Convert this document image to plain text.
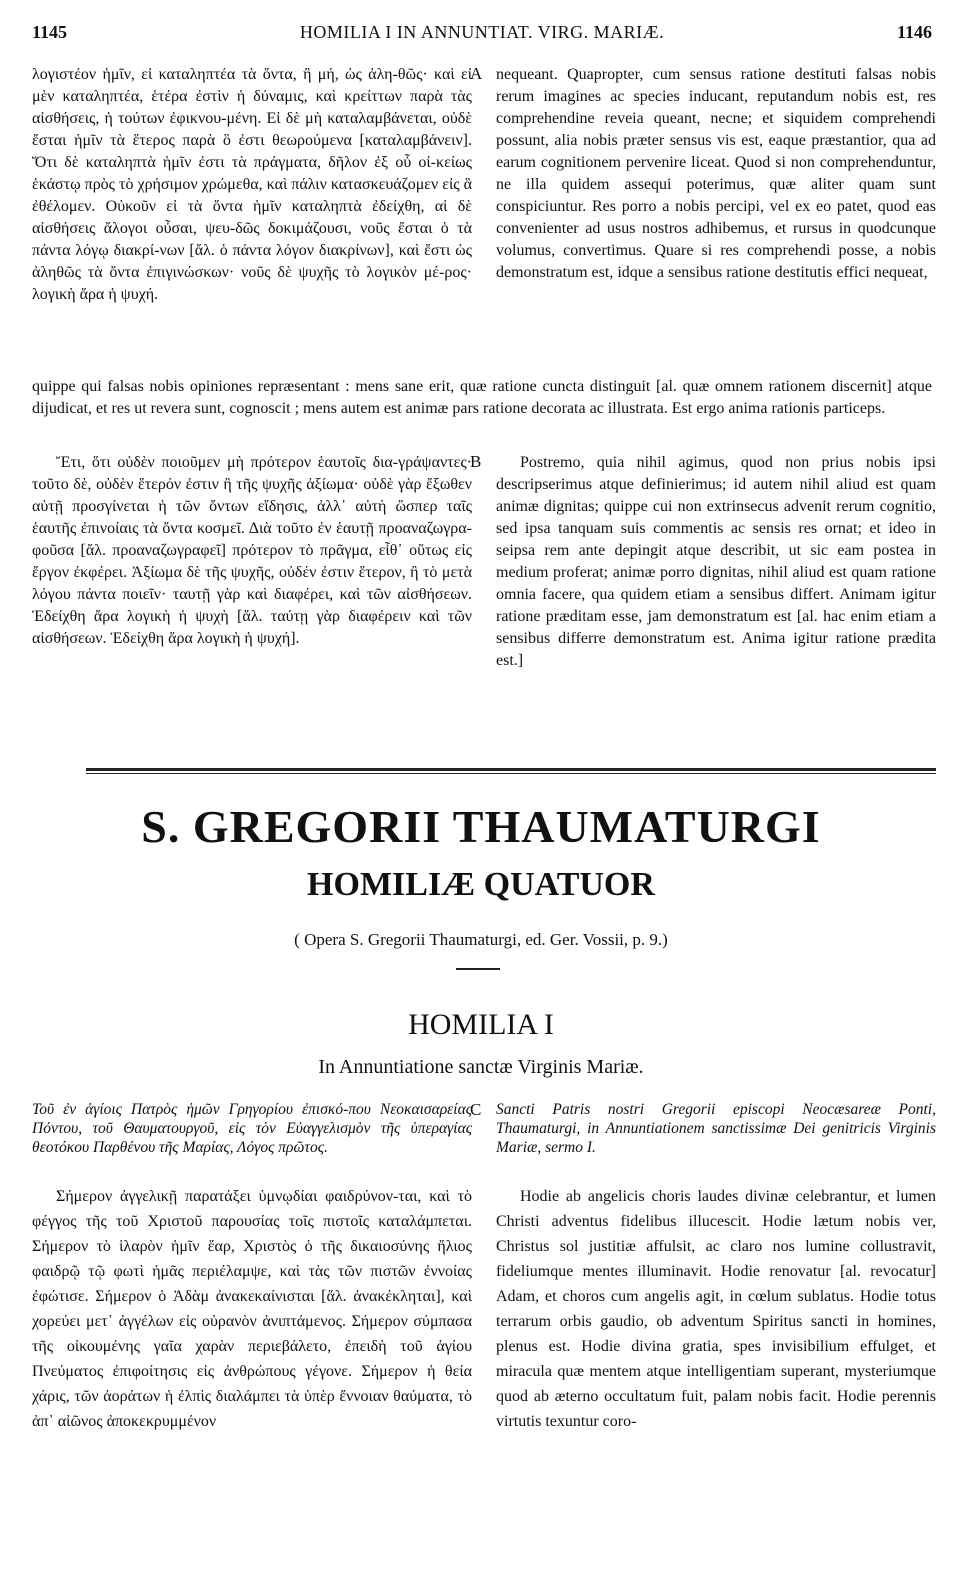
1145	HOMILIA I IN ANNUNTIAT. VIRG. MARIÆ.	1146

λογιστέον ἡμῖν, εἰ καταληπτέα τὰ ὄντα, ἢ μή, ὡς ἀλη-θῶς· καὶ εἰ μὲν καταληπτέα, ἑτέρα ἐστὶν ἡ δύναμις, καὶ κρείττων παρὰ τὰς αἰσθήσεις, ἡ τούτων ἐφικνου-μένη. Εἰ δὲ μὴ καταλαμβάνεται, οὐδὲ ἔσται ἡμῖν τὰ ἕτερος παρὰ ὃ ἐστι θεωρούμενα [καταλαμβάνειν]. Ὅτι δὲ καταληπτὰ ἡμῖν ἐστι τὰ πράγματα, δῆλον ἐξ οὗ οἰ-κείως ἑκάστῳ πρὸς τὸ χρήσιμον χρώμεθα, καὶ πάλιν κατασκευάζομεν εἰς ἃ ἐθέλομεν. Οὐκοῦν εἰ τὰ ὄντα ἡμῖν καταληπτὰ ἐδείχθη, αἱ δὲ αἰσθήσεις ἄλογοι οὖσαι, ψευ-δῶς δοκιμάζουσι, νοῦς ἔσται ὁ τὰ πάντα λόγῳ διακρί-νων [ἄλ. ὁ πάντα λόγον διακρίνων], καὶ ἔστι ὡς ἀληθῶς τὰ ὄντα ἐπιγινώσκων· νοῦς δὲ ψυχῆς τὸ λογικὸν μέ-ρος· λογικὴ ἄρα ἡ ψυχή.

A nequeant. Quapropter, cum sensus ratione destituti falsas nobis rerum imagines ac species inducant, reputandum nobis est, res comprehendine reveia queant, necne; et siquidem comprehendi possunt, alia nobis præter sensus vis est, eaque præstantior, qua ad earum cognitionem pervenire liceat. Quod si non comprehenduntur, ne illa quidem assequi poterimus, quæ aliter quam sunt conspiciuntur. Res porro a nobis percipi, vel ex eo patet, quod eas convenienter ad usus nostros adhibemus, et rursus in quodcunque volumus, convertimus. Quare si res comprehendi posse, a nobis demonstratum est, idque a sensibus ratione destitutis effici nequeat,

quippe qui falsas nobis opiniones repræsentant : mens sane erit, quæ ratione cuncta distinguit [al. quæ omnem rationem discernit] atque dijudicat, et res ut revera sunt, cognoscit ; mens autem est animæ pars ratione decorata ac illustrata. Est ergo anima rationis particeps.

Ἔτι, ὅτι οὐδὲν ποιοῦμεν μὴ πρότερον ἑαυτοῖς δια-γράψαντες· τοῦτο δὲ, οὐδὲν ἕτερόν ἐστιν ἢ τῆς ψυχῆς ἀξίωμα· οὐδὲ γὰρ ἔξωθεν αὐτῇ προσγίνεται ἡ τῶν ὄντων εἴδησις, ἀλλ᾽ αὐτὴ ὥσπερ ταῖς ἑαυτῆς ἐπινοίαις τὰ ὄντα κοσμεῖ. Διὰ τοῦτο ἐν ἑαυτῇ προαναζωγρα-φοῦσα [ἄλ. προαναζωγραφεῖ] πρότερον τὸ πρᾶγμα, εἶθ᾽ οὕτως εἰς ἔργον ἐκφέρει. Ἀξίωμα δὲ τῆς ψυχῆς, οὐδέν ἐστιν ἕτερον, ἢ τὸ μετὰ λόγου πάντα ποιεῖν· ταυτῇ γὰρ καὶ διαφέρει, καὶ τῶν αἰσθήσεων. Ἐδείχθη ἄρα λογικὴ ἡ ψυχὴ [ἄλ. ταύτῃ γὰρ διαφέρειν καὶ τῶν αἰσθήσεων. Ἐδείχθη ἄρα λογικὴ ἡ ψυχή].

B	Postremo, quia nihil agimus, quod non prius nobis ipsi descripserimus atque definierimus; id autem nihil aliud est quam animæ dignitas; quippe cui non extrinsecus advenit rerum cognitio, sed ipsa tanquam suis commentis ac sensis res ornat; et ideo in seipsa rem ante depingit atque describit, ut sic eam postea in medium proferat; animæ porro dignitas, nihil aliud est quam ratione omnia facere, qua quidem etiam a sensibus differt. Animam igitur ratione præditam esse, jam demonstratum est [al. hac enim etiam a sensibus differre demonstratum est. Anima igitur ratione prædita est.]

S. GREGORII THAUMATURGI
HOMILIÆ QUATUOR
( Opera S. Gregorii Thaumaturgi, ed. Ger. Vossii, p. 9.)
HOMILIA I
In Annuntiatione sanctæ Virginis Mariæ.

Τοῦ ἐν ἁγίοις Πατρὸς ἡμῶν Γρηγορίου ἐπισκό-που Νεοκαισαρείας Πόντου, τοῦ Θαυματουργοῦ, εἰς τὸν Εὐαγγελισμὸν τῆς ὑπεραγίας θεοτόκου Παρθένου τῆς Μαρίας, Λόγος πρῶτος.

C Sancti Patris nostri Gregorii episcopi Neocæsareæ Ponti, Thaumaturgi, in Annuntiationem sanctissimæ Dei genitricis Virginis Mariæ, sermo I.

Σήμερον ἀγγελικῇ παρατάξει ὑμνῳδίαι φαιδρύνον-ται, καὶ τὸ φέγγος τῆς τοῦ Χριστοῦ παρουσίας τοῖς πιστοῖς καταλάμπεται. Σήμερον τὸ ἱλαρὸν ἡμῖν ἔαρ, Χριστὸς ὁ τῆς δικαιοσύνης ἥλιος φαιδρῷ τῷ φωτὶ ἡμᾶς περιέλαμψε, καὶ τὰς τῶν πιστῶν ἐννοίας ἐφώτισε. Σήμερον ὁ Ἀδὰμ ἀνακεκαίνισται [ἄλ. ἀνακέκληται], καὶ χορεύει μετ᾽ ἀγγέλων εἰς οὐρανὸν ἀνιπτάμενος. Σήμερον σύμπασα τῆς οἰκουμένης γαῖα χαρὰν περιεβάλετο, ἐπειδὴ τοῦ ἁγίου Πνεύματος ἐπιφοίτησις εἰς ἀνθρώπους γέγονε. Σήμερον ἡ θεία χάρις, τῶν ἀοράτων ἡ ἐλπὶς διαλάμπει τὰ ὑπὲρ ἔννοιαν θαύματα, τὸ ἀπ᾽ αἰῶνος ἀποκεκρυμμένον

Hodie ab angelicis choris laudes divinæ celebrantur, et lumen Christi adventus fidelibus illucescit. Hodie lætum nobis ver, Christus sol justitiæ affulsit, ac claro nos lumine collustravit, fideliumque mentes illuminavit. Hodie renovatur [al. revocatur] Adam, et choros cum angelis agit, in cœlum sublatus. Hodie totus terrarum orbis gaudio, ob adventum Spiritus sancti in homines, plenus est. Hodie divina gratia, spes invisibilium effulget, et miracula quæ mentem atque intelligentiam superant, mysteriumque quod ab æterno occultatum fuit, palam nobis facit. Hodie perennis virtutis texuntur coro-
